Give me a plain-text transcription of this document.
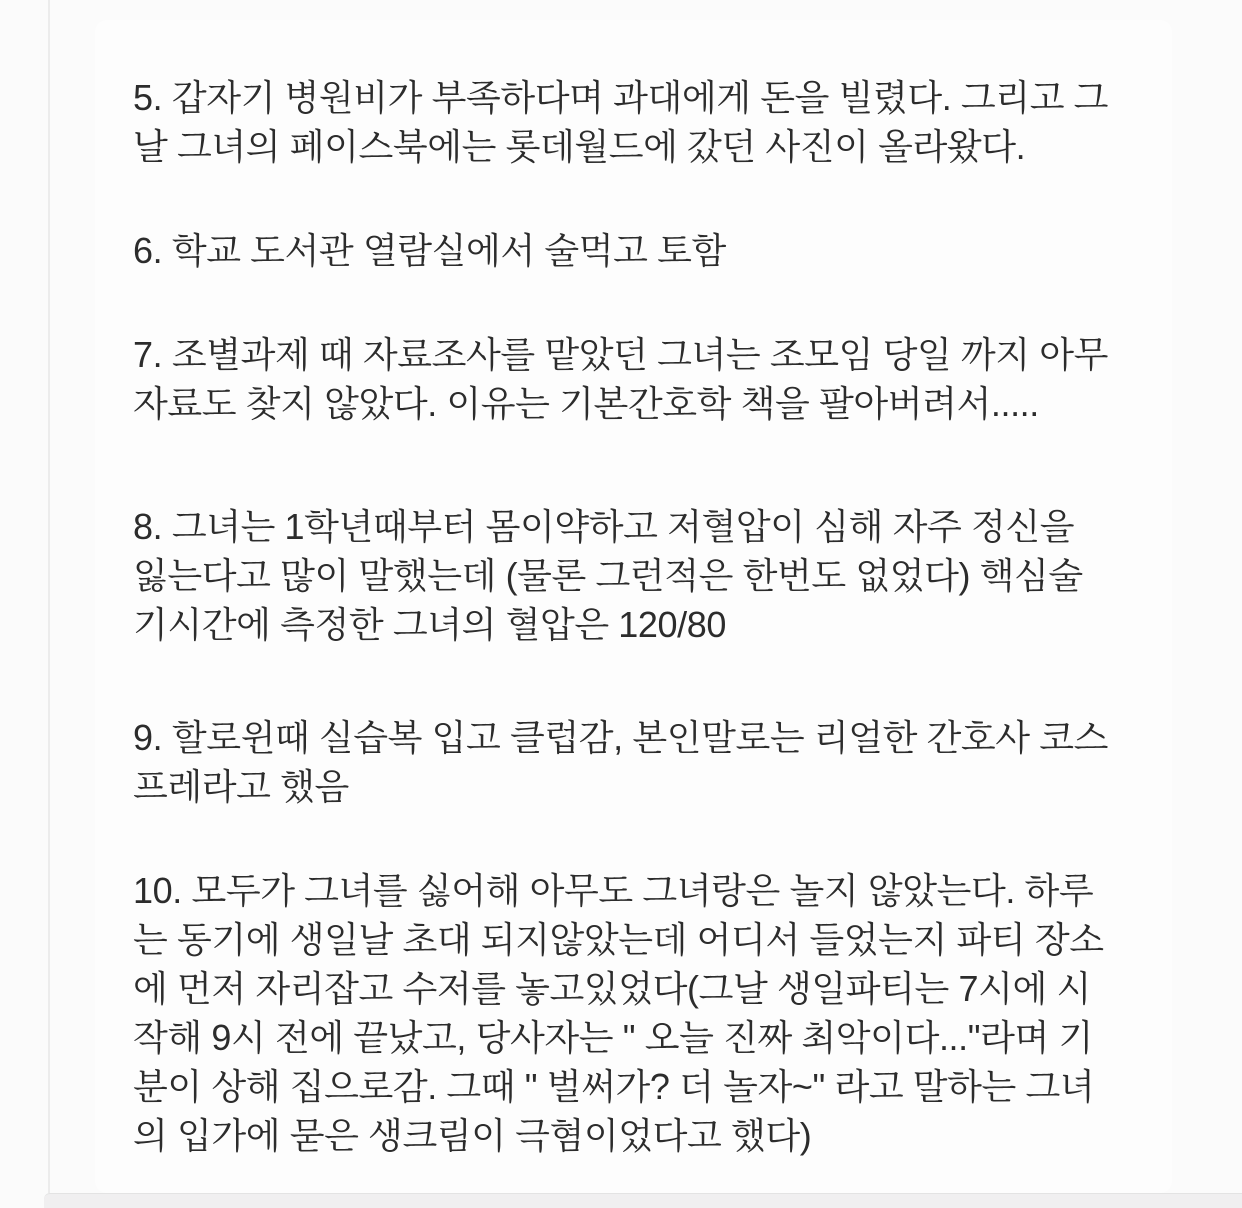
5. 갑자기 병원비가 부족하다며 과대에게 돈을 빌렸다. 그리고 그
날 그녀의 페이스북에는 롯데월드에 갔던 사진이 올라왔다.
6. 학교 도서관 열람실에서 술먹고 토함
7. 조별과제 때 자료조사를 맡았던 그녀는 조모임 당일 까지 아무
자료도 찾지 않았다. 이유는 기본간호학 책을 팔아버려서.....
8. 그녀는 1학년때부터 몸이약하고 저혈압이 심해 자주 정신을
잃는다고 많이 말했는데 (물론 그런적은 한번도 없었다) 핵심술
기시간에 측정한 그녀의 혈압은 120/80
9. 할로윈때 실습복 입고 클럽감, 본인말로는 리얼한 간호사 코스
프레라고 했음
10. 모두가 그녀를 싫어해 아무도 그녀랑은 놀지 않았는다. 하루
는 동기에 생일날 초대 되지않았는데 어디서 들었는지 파티 장소
에 먼저 자리잡고 수저를 놓고있었다(그날 생일파티는 7시에 시
작해 9시 전에 끝났고, 당사자는 " 오늘 진짜 최악이다..."라며 기
분이 상해 집으로감. 그때 " 벌써가? 더 놀자~" 라고 말하는 그녀
의 입가에 묻은 생크림이 극혐이었다고 했다)
